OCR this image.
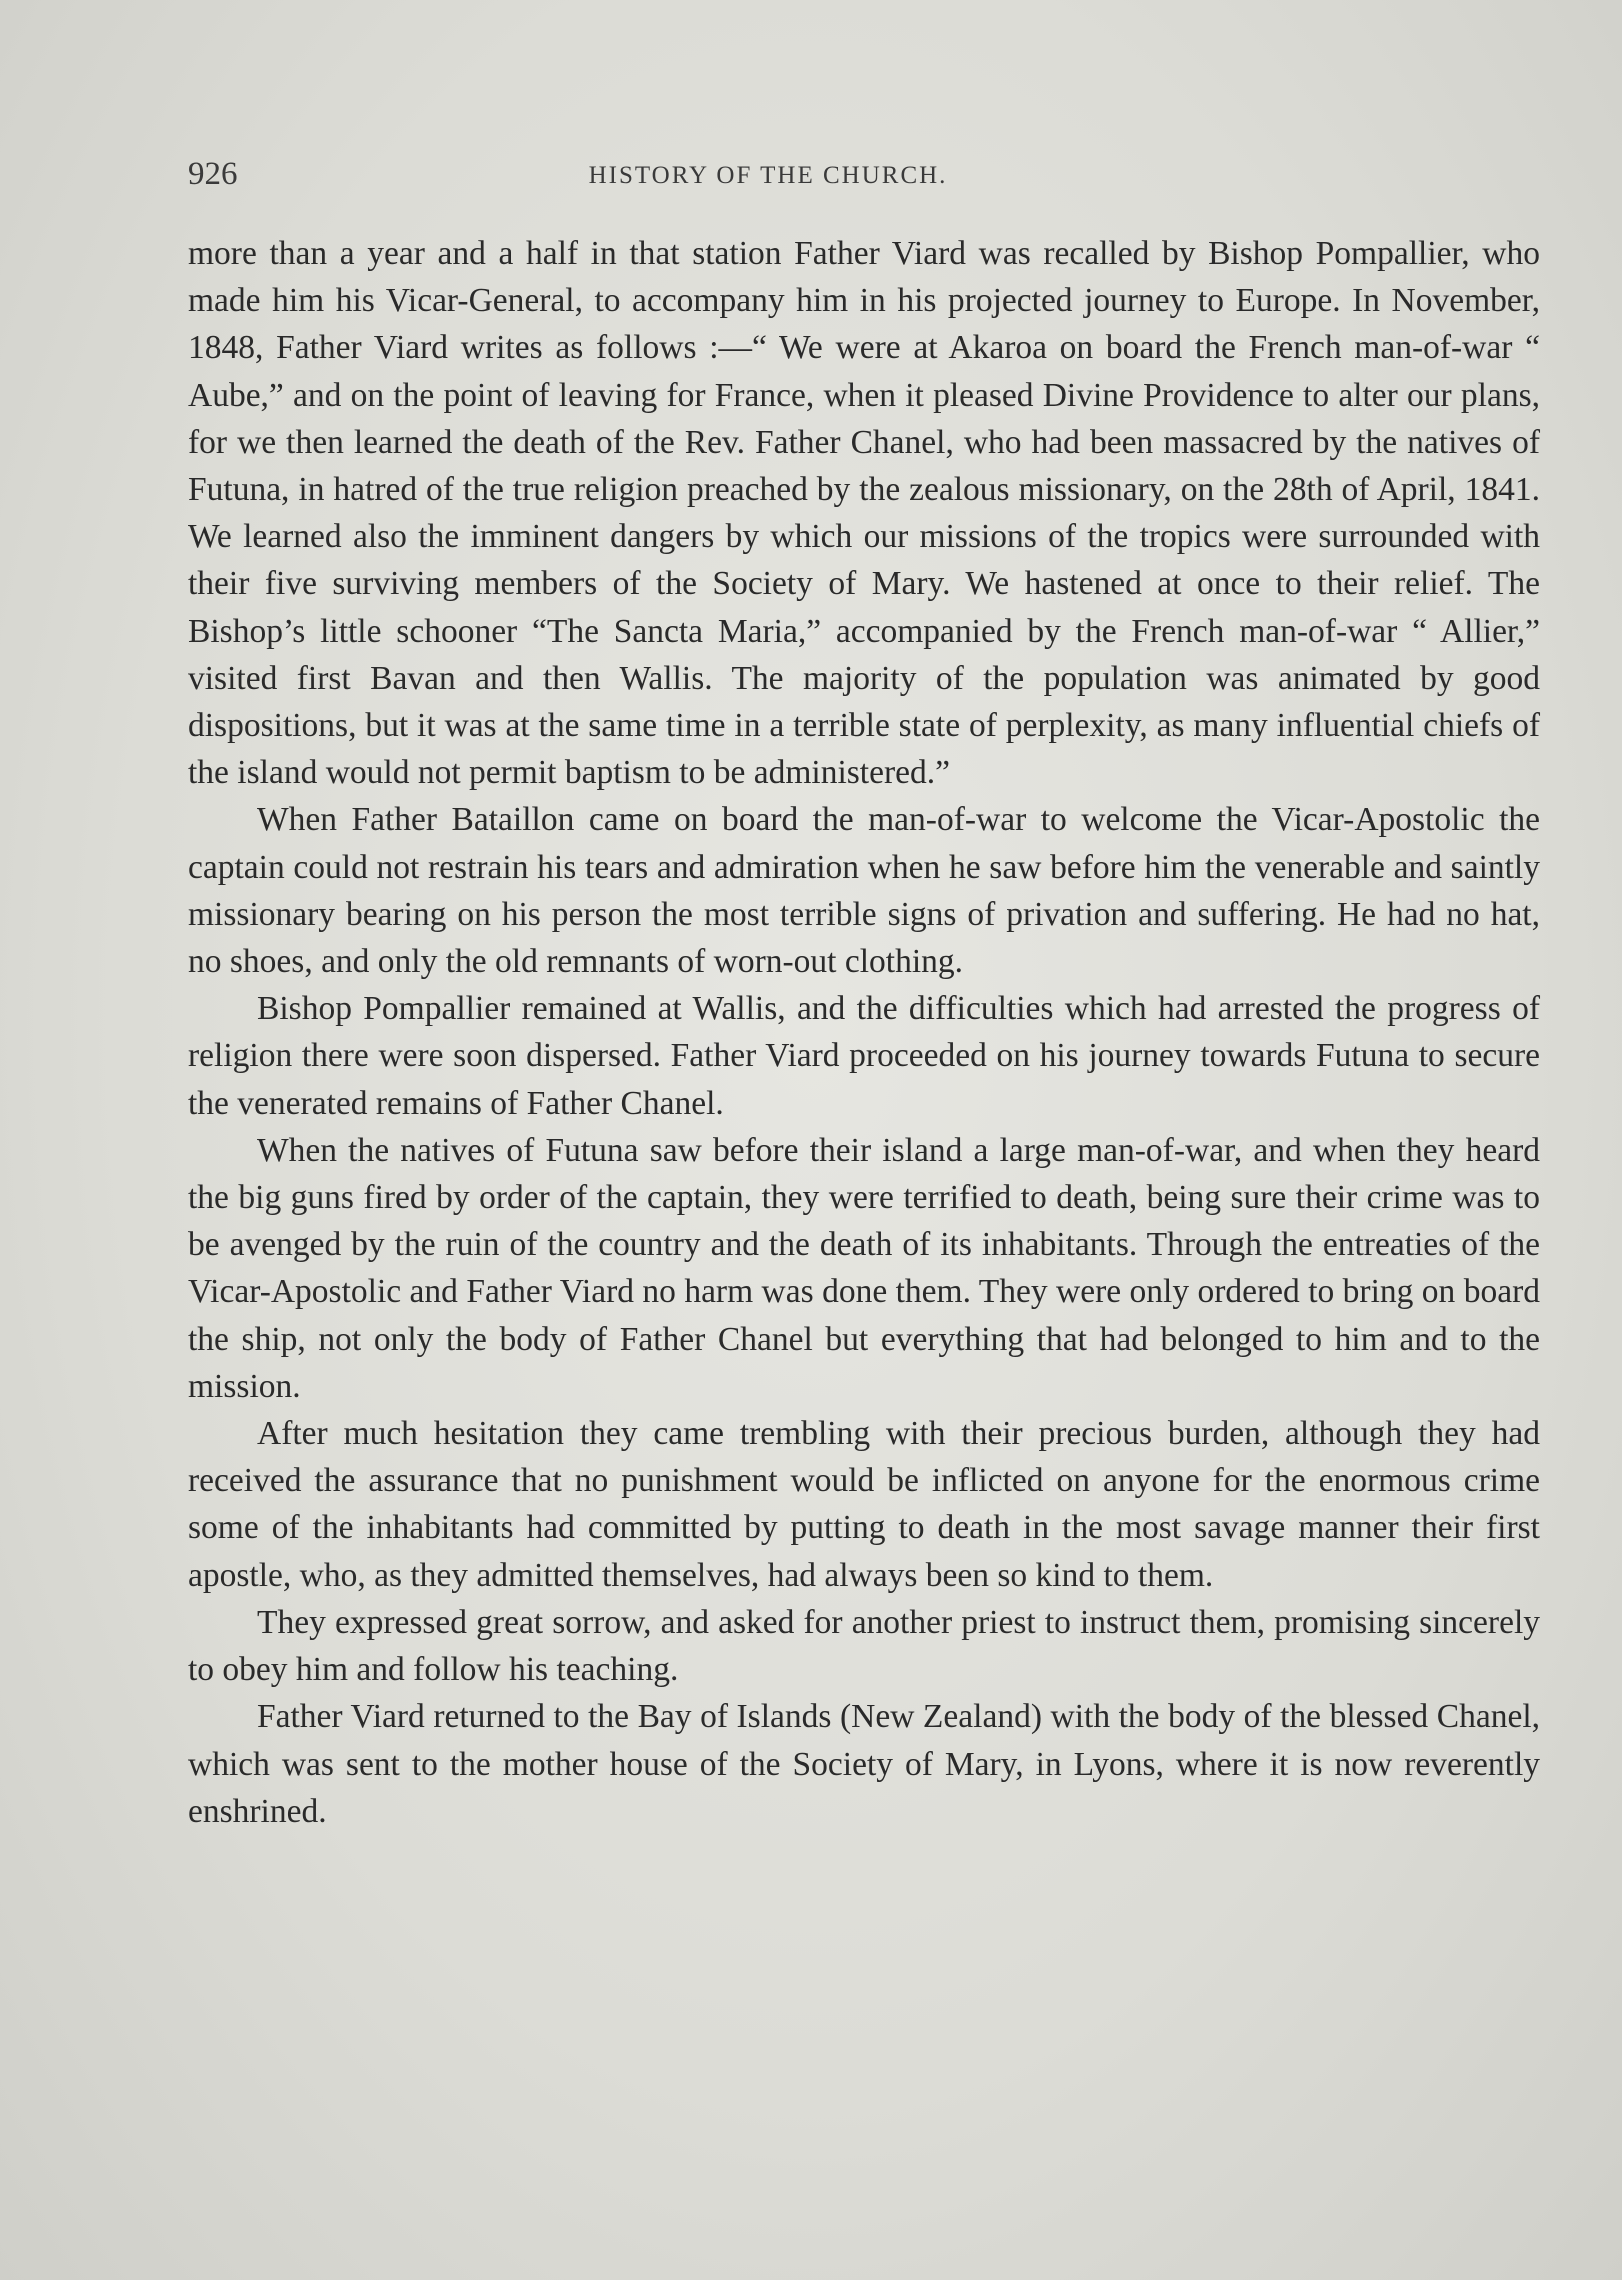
926	HISTORY OF THE CHURCH.

more than a year and a half in that station Father Viard was recalled by Bishop Pompallier, who made him his Vicar-General, to accompany him in his projected journey to Europe. In November, 1848, Father Viard writes as follows :—“ We were at Akaroa on board the French man-of-war “ Aube,” and on the point of leaving for France, when it pleased Divine Providence to alter our plans, for we then learned the death of the Rev. Father Chanel, who had been massacred by the natives of Futuna, in hatred of the true religion preached by the zealous missionary, on the 28th of April, 1841. We learned also the imminent dangers by which our missions of the tropics were surrounded with their five surviving members of the Society of Mary. We hastened at once to their relief. The Bishop’s little schooner “The Sancta Maria,” accompanied by the French man-of-war “ Allier,” visited first Bavan and then Wallis. The majority of the population was animated by good dispositions, but it was at the same time in a terrible state of perplexity, as many influential chiefs of the island would not permit baptism to be administered.”

When Father Bataillon came on board the man-of-war to welcome the Vicar-Apostolic the captain could not restrain his tears and admiration when he saw before him the venerable and saintly missionary bearing on his person the most terrible signs of privation and suffering. He had no hat, no shoes, and only the old remnants of worn-out clothing.

Bishop Pompallier remained at Wallis, and the difficulties which had arrested the progress of religion there were soon dispersed. Father Viard proceeded on his journey towards Futuna to secure the venerated remains of Father Chanel.

When the natives of Futuna saw before their island a large man-of-war, and when they heard the big guns fired by order of the captain, they were terrified to death, being sure their crime was to be avenged by the ruin of the country and the death of its inhabitants. Through the entreaties of the Vicar-Apostolic and Father Viard no harm was done them. They were only ordered to bring on board the ship, not only the body of Father Chanel but everything that had belonged to him and to the mission.

After much hesitation they came trembling with their precious burden, although they had received the assurance that no punishment would be inflicted on anyone for the enormous crime some of the inhabitants had committed by putting to death in the most savage manner their first apostle, who, as they admitted themselves, had always been so kind to them.

They expressed great sorrow, and asked for another priest to instruct them, promising sincerely to obey him and follow his teaching.

Father Viard returned to the Bay of Islands (New Zealand) with the body of the blessed Chanel, which was sent to the mother house of the Society of Mary, in Lyons, where it is now reverently enshrined.
